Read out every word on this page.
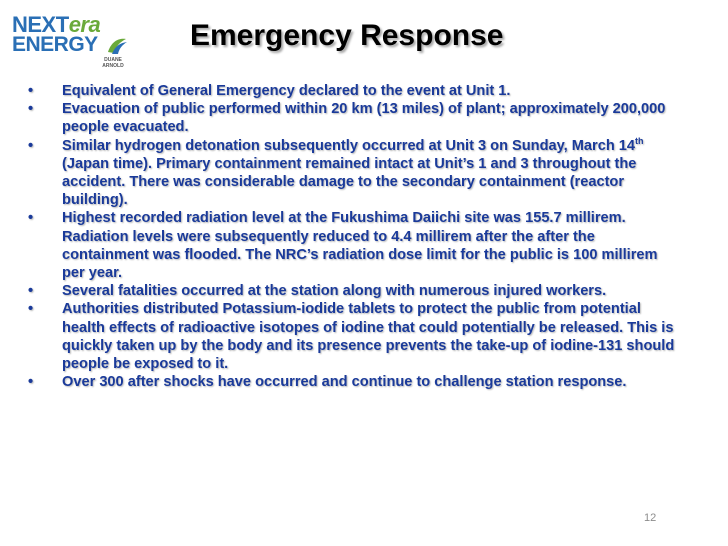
NEXTera
ENERGY
DUANE
ARNOLD
Emergency Response
• Equivalent of General Emergency declared to the event at Unit 1.
• Evacuation of public performed within 20 km (13 miles) of plant; approximately 200,000 people evacuated.
• Similar hydrogen detonation subsequently occurred at Unit 3 on Sunday, March 14th (Japan time). Primary containment remained intact at Unit’s 1 and 3 throughout the accident. There was considerable damage to the secondary containment (reactor building).
• Highest recorded radiation level at the Fukushima Daiichi site was 155.7 millirem. Radiation levels were subsequently reduced to 4.4 millirem after the after the containment was flooded. The NRC’s radiation dose limit for the public is 100 millirem per year.
• Several fatalities occurred at the station along with numerous injured workers.
• Authorities distributed Potassium-iodide tablets to protect the public from potential health effects of radioactive isotopes of iodine that could potentially be released. This is quickly taken up by the body and its presence prevents the take-up of iodine-131 should people be exposed to it.
• Over 300 after shocks have occurred and continue to challenge station response.
12
